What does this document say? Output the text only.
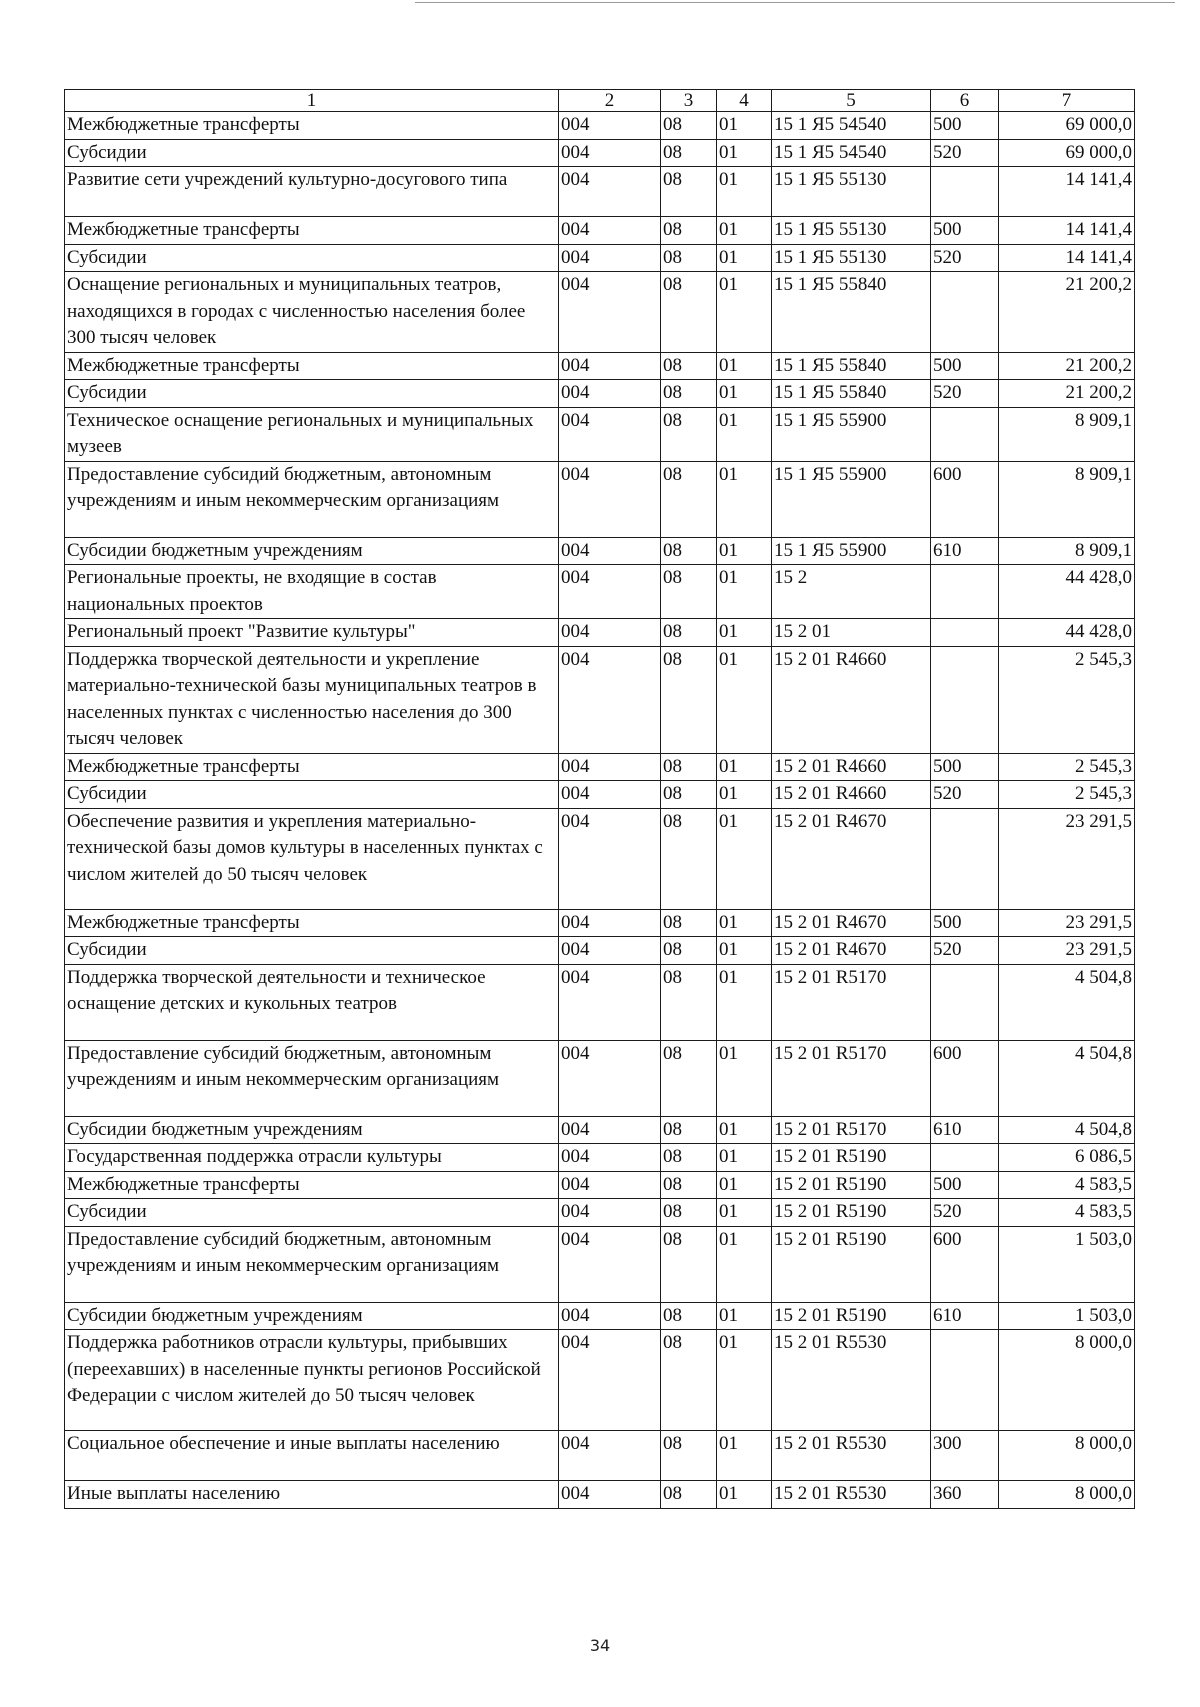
1	2	3	4	5	6	7
Межбюджетные трансферты	004	08	01	15 1 Я5 54540	500	69 000,0
Субсидии	004	08	01	15 1 Я5 54540	520	69 000,0
Развитие сети учреждений культурно-досугового типа	004	08	01	15 1 Я5 55130		14 141,4
Межбюджетные трансферты	004	08	01	15 1 Я5 55130	500	14 141,4
Субсидии	004	08	01	15 1 Я5 55130	520	14 141,4
Оснащение региональных и муниципальных театров, находящихся в городах с численностью населения более 300 тысяч человек	004	08	01	15 1 Я5 55840		21 200,2
Межбюджетные трансферты	004	08	01	15 1 Я5 55840	500	21 200,2
Субсидии	004	08	01	15 1 Я5 55840	520	21 200,2
Техническое оснащение региональных и муниципальных музеев	004	08	01	15 1 Я5 55900		8 909,1
Предоставление субсидий бюджетным, автономным учреждениям и иным некоммерческим организациям	004	08	01	15 1 Я5 55900	600	8 909,1
Субсидии бюджетным учреждениям	004	08	01	15 1 Я5 55900	610	8 909,1
Региональные проекты, не входящие в состав национальных проектов	004	08	01	15 2		44 428,0
Региональный проект "Развитие культуры"	004	08	01	15 2 01		44 428,0
Поддержка творческой деятельности и укрепление материально-технической базы муниципальных театров в населенных пунктах с численностью населения до 300 тысяч человек	004	08	01	15 2 01 R4660		2 545,3
Межбюджетные трансферты	004	08	01	15 2 01 R4660	500	2 545,3
Субсидии	004	08	01	15 2 01 R4660	520	2 545,3
Обеспечение развития и укрепления материально-технической базы домов культуры в населенных пунктах с числом жителей до 50 тысяч человек	004	08	01	15 2 01 R4670		23 291,5
Межбюджетные трансферты	004	08	01	15 2 01 R4670	500	23 291,5
Субсидии	004	08	01	15 2 01 R4670	520	23 291,5
Поддержка творческой деятельности и техническое оснащение детских и кукольных театров	004	08	01	15 2 01 R5170		4 504,8
Предоставление субсидий бюджетным, автономным учреждениям и иным некоммерческим организациям	004	08	01	15 2 01 R5170	600	4 504,8
Субсидии бюджетным учреждениям	004	08	01	15 2 01 R5170	610	4 504,8
Государственная поддержка отрасли культуры	004	08	01	15 2 01 R5190		6 086,5
Межбюджетные трансферты	004	08	01	15 2 01 R5190	500	4 583,5
Субсидии	004	08	01	15 2 01 R5190	520	4 583,5
Предоставление субсидий бюджетным, автономным учреждениям и иным некоммерческим организациям	004	08	01	15 2 01 R5190	600	1 503,0
Субсидии бюджетным учреждениям	004	08	01	15 2 01 R5190	610	1 503,0
Поддержка работников отрасли культуры, прибывших (переехавших) в населенные пункты регионов Российской Федерации с числом жителей до 50 тысяч человек	004	08	01	15 2 01 R5530		8 000,0
Социальное обеспечение и иные выплаты населению	004	08	01	15 2 01 R5530	300	8 000,0
Иные выплаты населению	004	08	01	15 2 01 R5530	360	8 000,0
34
